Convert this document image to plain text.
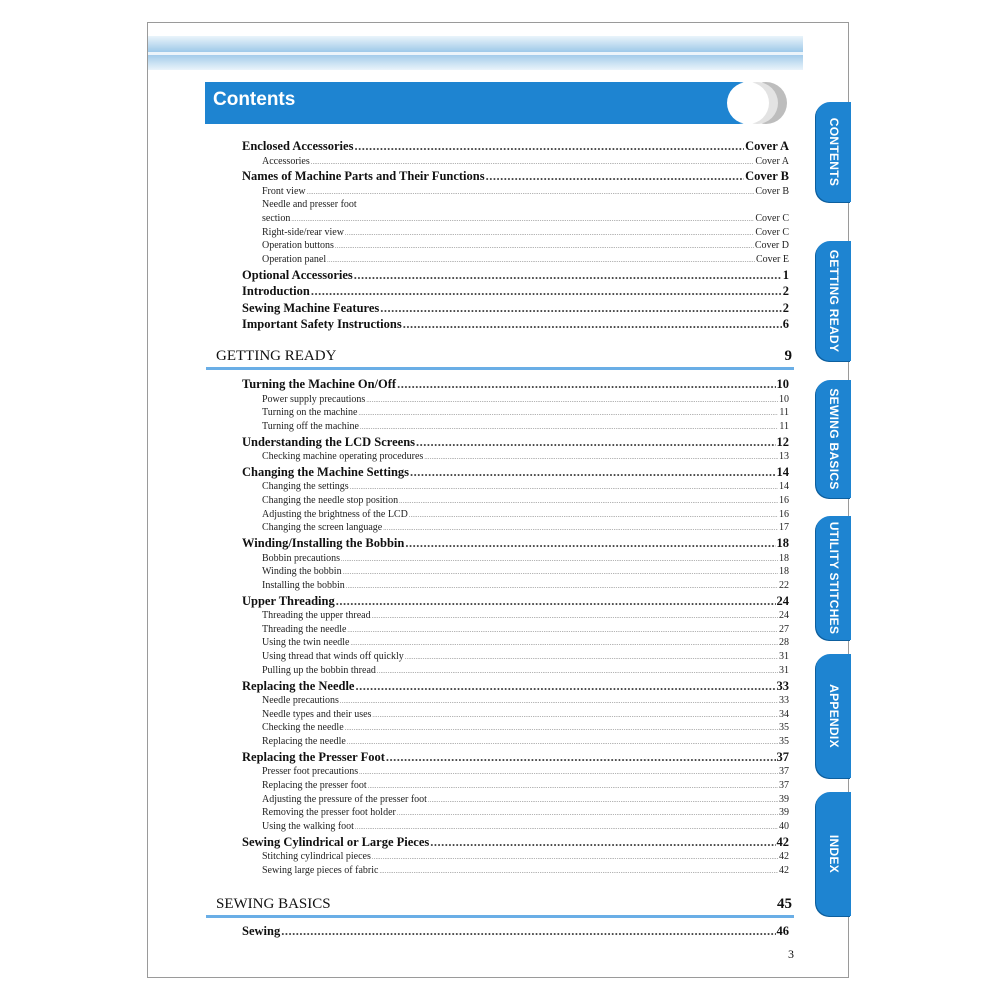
Contents
Enclosed Accessories .....	Cover A
Accessories .....	Cover A
Names of Machine Parts and Their Functions .....	Cover B
Front view .....	Cover B
Needle and presser foot
section .....	Cover C
Right-side/rear view .....	Cover C
Operation buttons .....	Cover D
Operation panel .....	Cover E
Optional Accessories .....	1
Introduction .....	2
Sewing Machine Features .....	2
Important Safety Instructions .....	6
GETTING READY	9
Turning the Machine On/Off .....	10
Power supply precautions .....	10
Turning on the machine .....	11
Turning off the machine .....	11
Understanding the LCD Screens .....	12
Checking machine operating procedures .....	13
Changing the Machine Settings .....	14
Changing the settings .....	14
Changing the needle stop position .....	16
Adjusting the brightness of the LCD .....	16
Changing the screen language .....	17
Winding/Installing the Bobbin .....	18
Bobbin precautions .....	18
Winding the bobbin .....	18
Installing the bobbin .....	22
Upper Threading .....	24
Threading the upper thread .....	24
Threading the needle .....	27
Using the twin needle .....	28
Using thread that winds off quickly .....	31
Pulling up the bobbin thread .....	31
Replacing the Needle .....	33
Needle precautions .....	33
Needle types and their uses .....	34
Checking the needle .....	35
Replacing the needle .....	35
Replacing the Presser Foot .....	37
Presser foot precautions .....	37
Replacing the presser foot .....	37
Adjusting the pressure of the presser foot .....	39
Removing the presser foot holder .....	39
Using the walking foot .....	40
Sewing Cylindrical or Large Pieces .....	42
Stitching cylindrical pieces .....	42
Sewing large pieces of fabric .....	42
SEWING BASICS	45
Sewing .....	46
3
CONTENTS
GETTING READY
SEWING BASICS
UTILITY STITCHES
APPENDIX
INDEX
